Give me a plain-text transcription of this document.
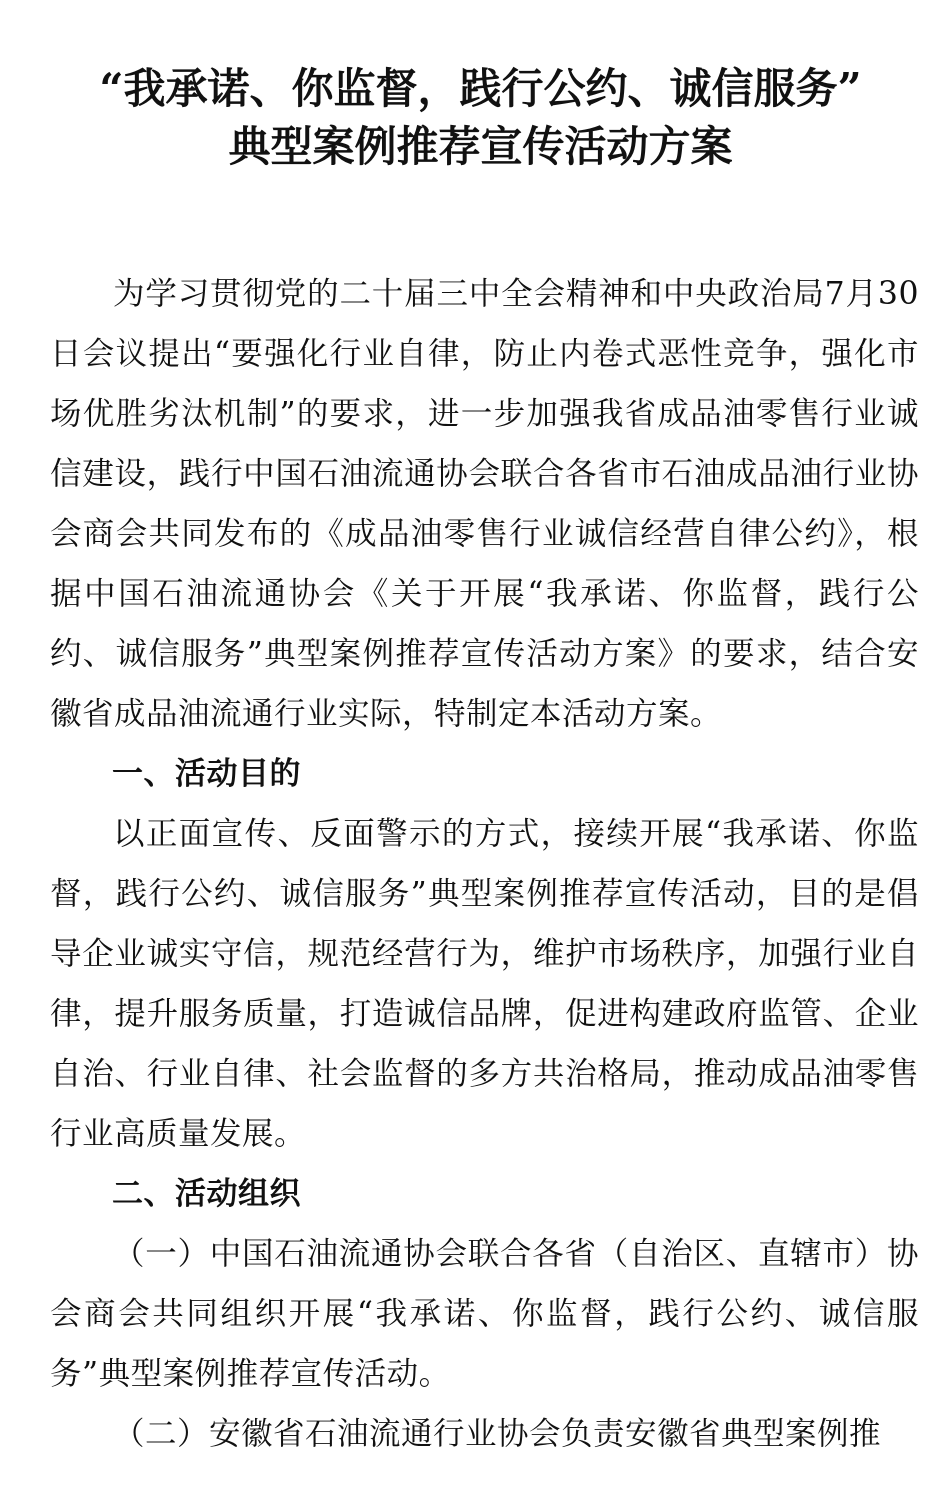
“我承诺、你监督，践行公约、诚信服务”
典型案例推荐宣传活动方案

为学习贯彻党的二十届三中全会精神和中央政治局7月30日会议提出“要强化行业自律，防止内卷式恶性竞争，强化市场优胜劣汰机制”的要求，进一步加强我省成品油零售行业诚信建设，践行中国石油流通协会联合各省市石油成品油行业协会商会共同发布的《成品油零售行业诚信经营自律公约》，根据中国石油流通协会《关于开展“我承诺、你监督，践行公约、诚信服务”典型案例推荐宣传活动方案》的要求，结合安徽省成品油流通行业实际，特制定本活动方案。

一、活动目的

以正面宣传、反面警示的方式，接续开展“我承诺、你监督，践行公约、诚信服务”典型案例推荐宣传活动，目的是倡导企业诚实守信，规范经营行为，维护市场秩序，加强行业自律，提升服务质量，打造诚信品牌，促进构建政府监管、企业自治、行业自律、社会监督的多方共治格局，推动成品油零售行业高质量发展。

二、活动组织

（一）中国石油流通协会联合各省（自治区、直辖市）协会商会共同组织开展“我承诺、你监督，践行公约、诚信服务”典型案例推荐宣传活动。

（二）安徽省石油流通行业协会负责安徽省典型案例推
